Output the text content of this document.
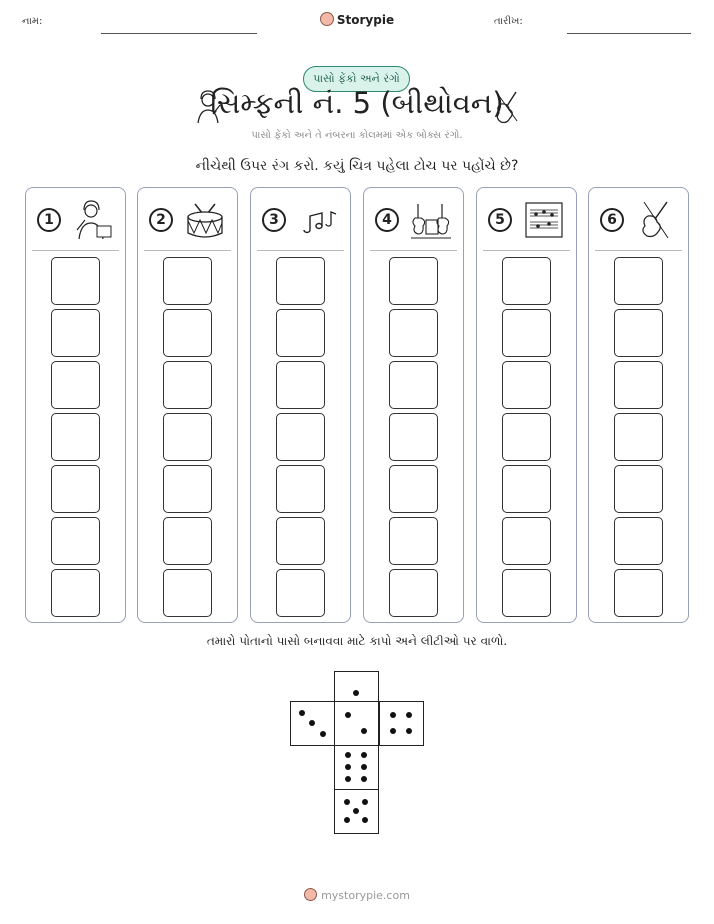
નામ:	Storypie	તારીખ:
પાસો ફેંકો અને રંગો
સિમ્ફની નં. 5 (બીથોવન)
પાસો ફેંકો અને તે નંબરના કોલમમાં એક બોક્સ રંગો.
નીચેથી ઉપર રંગ કરો. કયું ચિત્ર પહેલા ટોચ પર પહોંચે છે?
1	2	3	4	5	6
તમારો પોતાનો પાસો બનાવવા માટે કાપો અને લીટીઓ પર વાળો.
mystorypie.com
